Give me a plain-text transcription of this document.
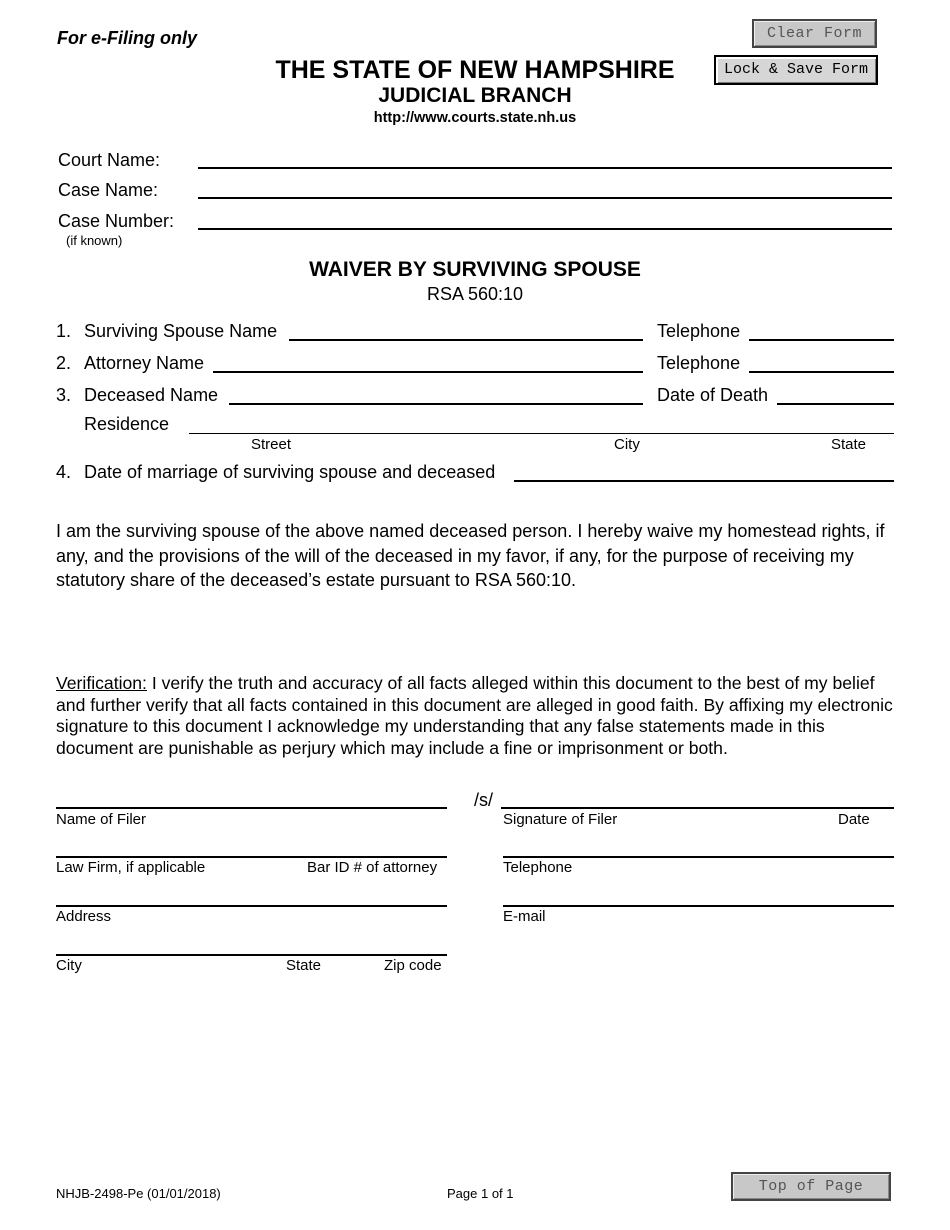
For e-Filing only
THE STATE OF NEW HAMPSHIRE
JUDICIAL BRANCH
http://www.courts.state.nh.us
Clear Form
Lock & Save Form
Court Name:
Case Name:
Case Number:
(if known)
WAIVER BY SURVIVING SPOUSE
RSA 560:10
1. Surviving Spouse Name	Telephone
2. Attorney Name	Telephone
3. Deceased Name	Date of Death
Residence
Street	City	State
4. Date of marriage of surviving spouse and deceased
I am the surviving spouse of the above named deceased person. I hereby waive my homestead rights, if any, and the provisions of the will of the deceased in my favor, if any, for the purpose of receiving my statutory share of the deceased’s estate pursuant to RSA 560:10.
Verification: I verify the truth and accuracy of all facts alleged within this document to the best of my belief and further verify that all facts contained in this document are alleged in good faith. By affixing my electronic signature to this document I acknowledge my understanding that any false statements made in this document are punishable as perjury which may include a fine or imprisonment or both.
/s/
Name of Filer	Signature of Filer	Date
Law Firm, if applicable	Bar ID # of attorney	Telephone
Address	E-mail
City	State	Zip code
NHJB-2498-Pe (01/01/2018)	Page 1 of 1	Top of Page
